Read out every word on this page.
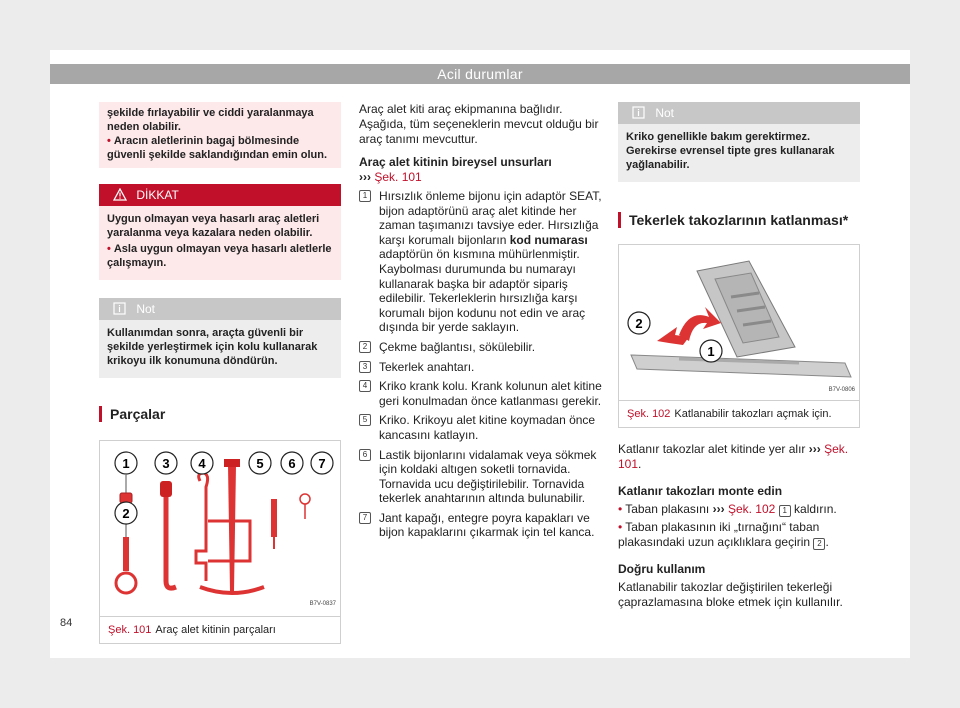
Acil durumlar
84

şekilde fırlayabilir ve ciddi yaralanmaya neden olabilir.

• Aracın aletlerinin bagaj bölmesinde güvenli şekilde saklandığından emin olun.

DİKKAT

Uygun olmayan veya hasarlı araç aletleri yaralanma veya kazalara neden olabilir.

• Asla uygun olmayan veya hasarlı aletlerle çalışmayın.

Not

Kullanımdan sonra, araçta güvenli bir şekilde yerleştirmek için kolu kullanarak krikoyu ilk konumuna döndürün.

Parçalar
1
2
3 4	5 6 7
B7V-0837
Şek. 101 Araç alet kitinin parçaları

Araç alet kiti araç ekipmanına bağlıdır. Aşağıda, tüm seçeneklerin mevcut olduğu bir araç tanımı mevcuttur.

Araç alet kitinin bireysel unsurları

››› Şek. 101

1 Hırsızlık önleme bijonu için adaptör SEAT, bijon adaptörünü araç alet kitinde her zaman taşımanızı tavsiye eder. Hırsızlığa karşı korumalı bijonların kod numarası adaptörün ön kısmına mühürlenmiştir. Kaybolması durumunda bu numarayı kullanarak başka bir adaptör sipariş edilebilir. Tekerleklerin hırsızlığa karşı korumalı bijon kodunu not edin ve araç dışında bir yerde saklayın.
2 Çekme bağlantısı, sökülebilir.
3 Tekerlek anahtarı.
4 Kriko krank kolu. Krank kolunun alet kitine geri konulmadan önce katlanması gerekir.
5 Kriko. Krikoyu alet kitine koymadan önce kancasını katlayın.
6 Lastik bijonlarını vidalamak veya sökmek için koldaki altıgen soketli tornavida. Tornavida ucu değiştirilebilir. Tornavida tekerlek anahtarının altında bulunabilir.
7 Jant kapağı, entegre poyra kapakları ve bijon kapaklarını çıkarmak için tel kanca.
Not

Kriko genellikle bakım gerektirmez. Gerekirse evrensel tipte gres kullanarak yağlanabilir.

Tekerlek takozlarının katlanması*
2
1
B7V-0806
Şek. 102 Katlanabilir takozları açmak için.

Katlanır takozlar alet kitinde yer alır ››› Şek. 101.

Katlanır takozları monte edin

• Taban plakasını ››› Şek. 102 1 kaldırın.

• Taban plakasının iki „tırnağını“ taban plakasındaki uzun açıklıklara geçirin 2 .

Doğru kullanım

Katlanabilir takozlar değiştirilen tekerleği çaprazlamasına bloke etmek için kullanılır.
